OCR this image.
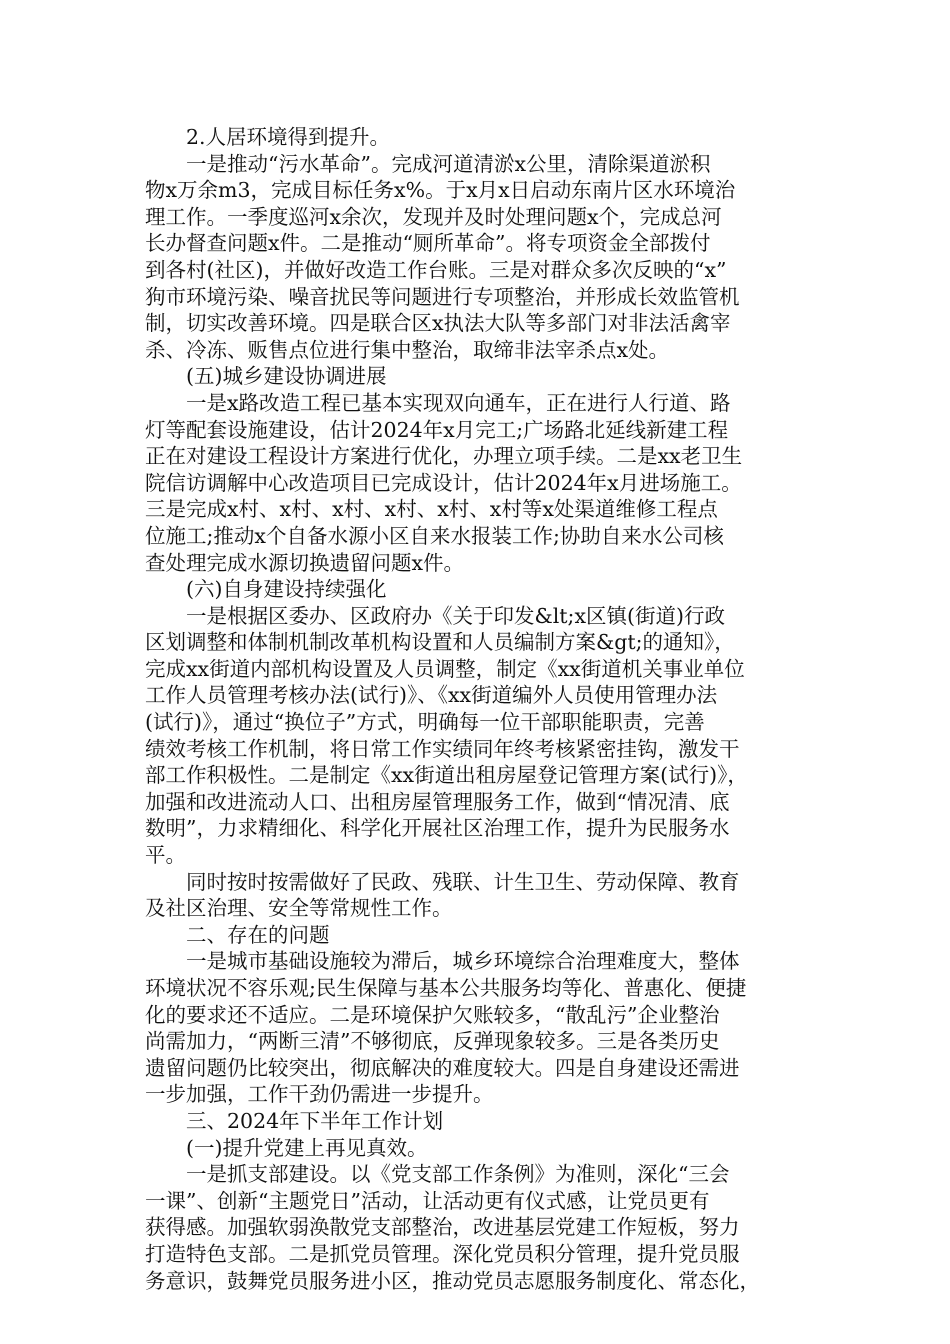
　　2.人居环境得到提升。
　　一是推动“污水革命”。完成河道清淤x公里，清除渠道淤积
物x万余m3，完成目标任务x%。于x月x日启动东南片区水环境治
理工作。一季度巡河x余次，发现并及时处理问题x个，完成总河
长办督查问题x件。二是推动“厕所革命”。将专项资金全部拨付
到各村(社区)，并做好改造工作台账。三是对群众多次反映的“x”
狗市环境污染、噪音扰民等问题进行专项整治，并形成长效监管机
制，切实改善环境。四是联合区x执法大队等多部门对非法活禽宰
杀、冷冻、贩售点位进行集中整治，取缔非法宰杀点x处。
　　(五)城乡建设协调进展
　　一是x路改造工程已基本实现双向通车，正在进行人行道、路
灯等配套设施建设，估计2024年x月完工;广场路北延线新建工程
正在对建设工程设计方案进行优化，办理立项手续。二是xx老卫生
院信访调解中心改造项目已完成设计，估计2024年x月进场施工。
三是完成x村、x村、x村、x村、x村、x村等x处渠道维修工程点
位施工;推动x个自备水源小区自来水报装工作;协助自来水公司核
查处理完成水源切换遗留问题x件。
　　(六)自身建设持续强化
　　一是根据区委办、区政府办《关于印发&lt;x区镇(街道)行政
区划调整和体制机制改革机构设置和人员编制方案&gt;的通知》，
完成xx街道内部机构设置及人员调整，制定《xx街道机关事业单位
工作人员管理考核办法(试行)》、《xx街道编外人员使用管理办法
(试行)》，通过“换位子”方式，明确每一位干部职能职责，完善
绩效考核工作机制，将日常工作实绩同年终考核紧密挂钩，激发干
部工作积极性。二是制定《xx街道出租房屋登记管理方案(试行)》，
加强和改进流动人口、出租房屋管理服务工作，做到“情况清、底
数明”，力求精细化、科学化开展社区治理工作，提升为民服务水
平。
　　同时按时按需做好了民政、残联、计生卫生、劳动保障、教育
及社区治理、安全等常规性工作。
　　二、存在的问题
　　一是城市基础设施较为滞后，城乡环境综合治理难度大，整体
环境状况不容乐观;民生保障与基本公共服务均等化、普惠化、便捷
化的要求还不适应。二是环境保护欠账较多，“散乱污”企业整治
尚需加力，“两断三清”不够彻底，反弹现象较多。三是各类历史
遗留问题仍比较突出，彻底解决的难度较大。四是自身建设还需进
一步加强，工作干劲仍需进一步提升。
　　三、2024年下半年工作计划
　　(一)提升党建上再见真效。
　　一是抓支部建设。以《党支部工作条例》为准则，深化“三会
一课”、创新“主题党日”活动，让活动更有仪式感，让党员更有
获得感。加强软弱涣散党支部整治，改进基层党建工作短板，努力
打造特色支部。二是抓党员管理。深化党员积分管理，提升党员服
务意识，鼓舞党员服务进小区，推动党员志愿服务制度化、常态化，
